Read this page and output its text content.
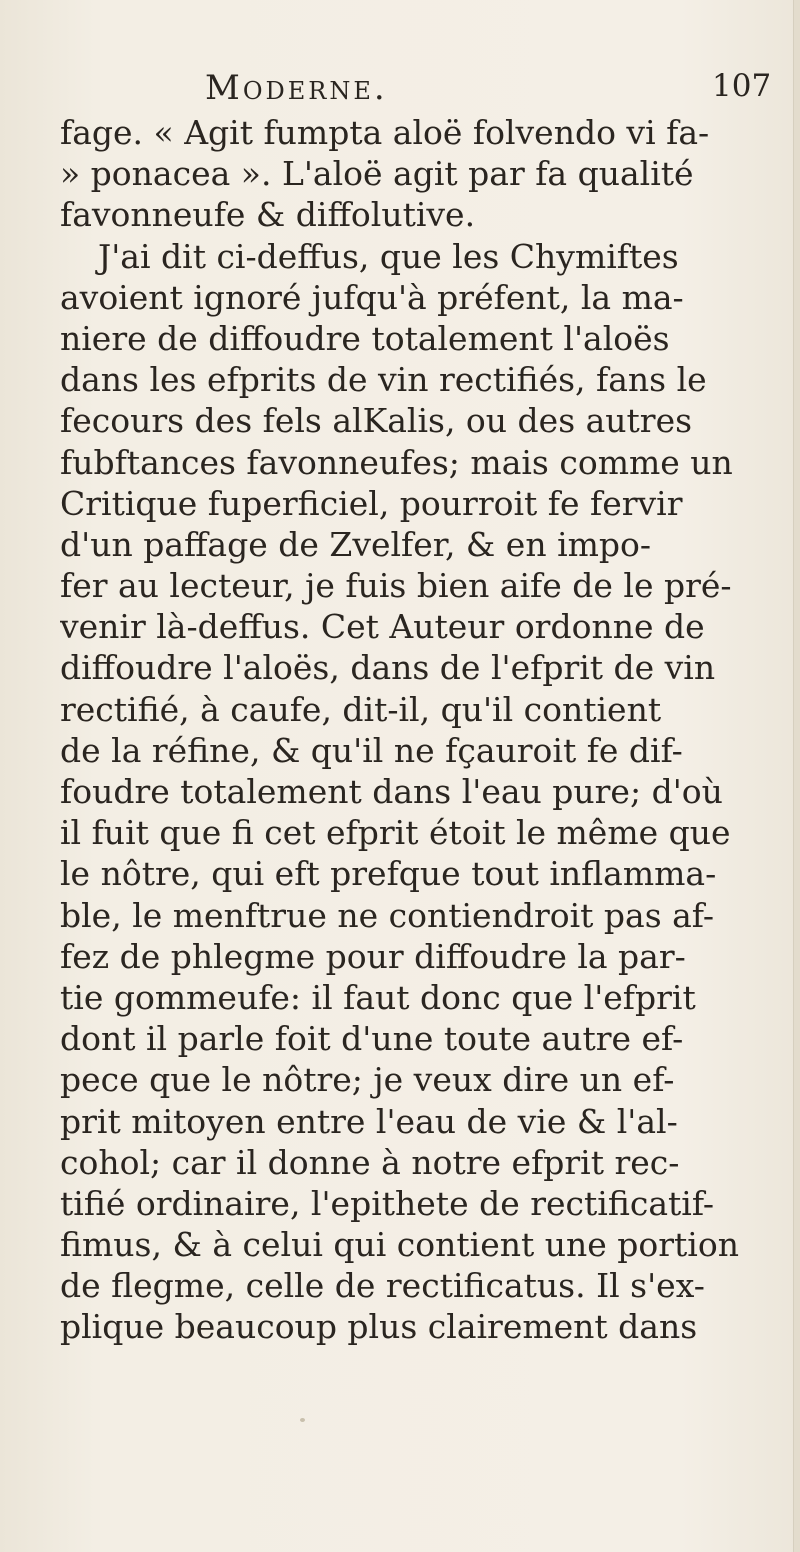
Moderne.	107
fage. « Agit fumpta aloë folvendo vi fa-
» ponacea ». L'aloë agit par fa qualité
favonneufe & diffolutive.
J'ai dit ci-deffus, que les Chymiftes
avoient ignoré jufqu'à préfent, la ma-
niere de diffoudre totalement l'aloës
dans les efprits de vin rectifiés, fans le
fecours des fels alKalis, ou des autres
fubftances favonneufes; mais comme un
Critique fuperficiel, pourroit fe fervir
d'un paffage de Zvelfer, & en impo-
fer au lecteur, je fuis bien aife de le pré-
venir là-deffus. Cet Auteur ordonne de
diffoudre l'aloës, dans de l'efprit de vin
rectifié, à caufe, dit-il, qu'il contient
de la réfine, & qu'il ne fçauroit fe dif-
foudre totalement dans l'eau pure; d'où
il fuit que fi cet efprit étoit le même que
le nôtre, qui eft prefque tout inflamma-
ble, le menftrue ne contiendroit pas af-
fez de phlegme pour diffoudre la par-
tie gommeufe: il faut donc que l'efprit
dont il parle foit d'une toute autre ef-
pece que le nôtre; je veux dire un ef-
prit mitoyen entre l'eau de vie & l'al-
cohol; car il donne à notre efprit rec-
tifié ordinaire, l'epithete de rectificatif-
fimus, & à celui qui contient une portion
de flegme, celle de rectificatus. Il s'ex-
plique beaucoup plus clairement dans
